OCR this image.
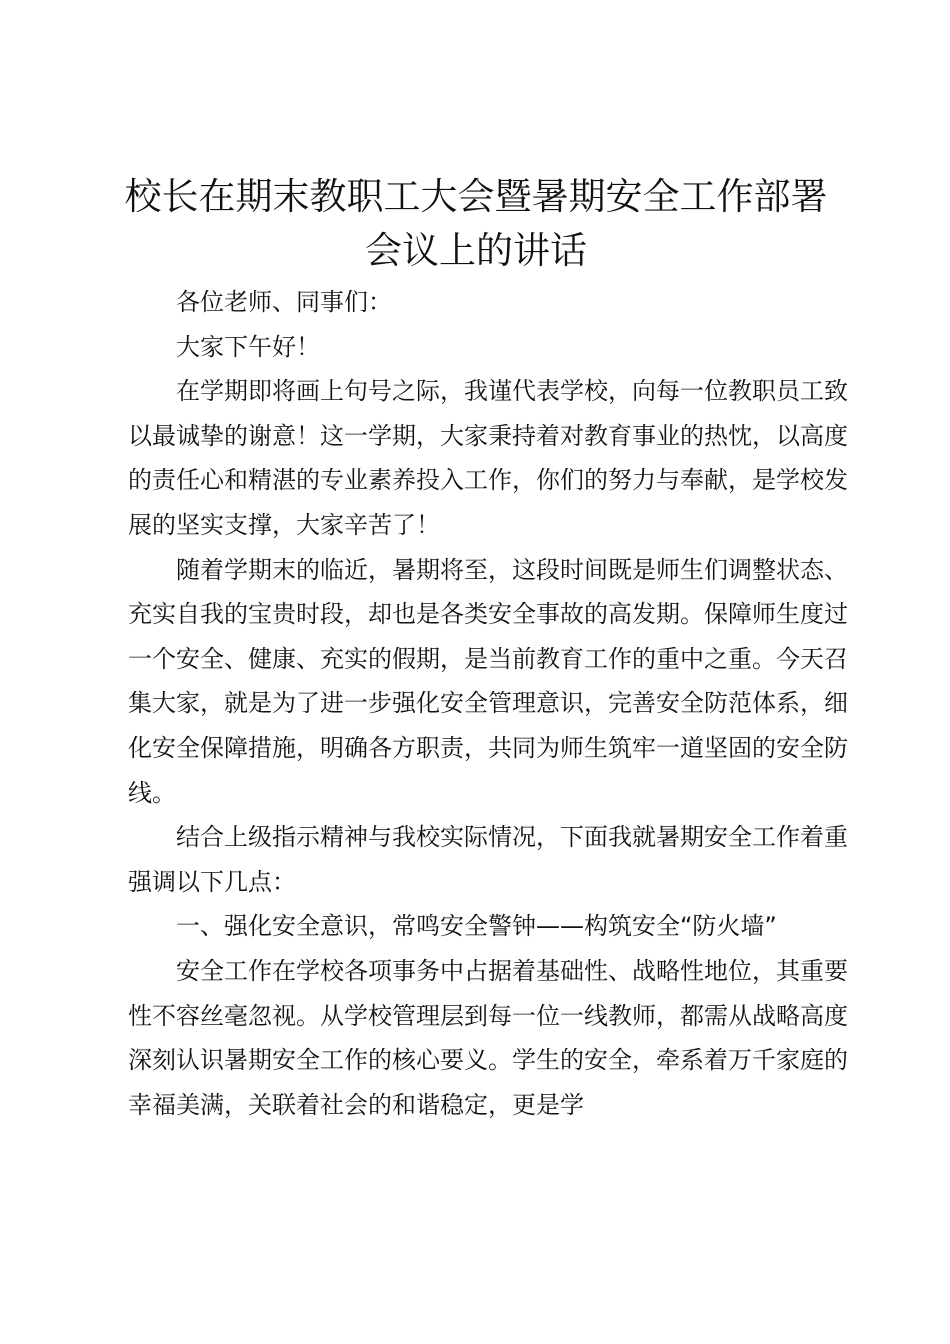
校长在期末教职工大会暨暑期安全工作部署会议上的讲话

各位老师、同事们：

大家下午好！

在学期即将画上句号之际，我谨代表学校，向每一位教职员工致以最诚挚的谢意！这一学期，大家秉持着对教育事业的热忱，以高度的责任心和精湛的专业素养投入工作，你们的努力与奉献，是学校发展的坚实支撑，大家辛苦了！

随着学期末的临近，暑期将至，这段时间既是师生们调整状态、充实自我的宝贵时段，却也是各类安全事故的高发期。保障师生度过一个安全、健康、充实的假期，是当前教育工作的重中之重。今天召集大家，就是为了进一步强化安全管理意识，完善安全防范体系，细化安全保障措施，明确各方职责，共同为师生筑牢一道坚固的安全防线。

结合上级指示精神与我校实际情况，下面我就暑期安全工作着重强调以下几点：

一、强化安全意识，常鸣安全警钟——构筑安全“防火墙”

安全工作在学校各项事务中占据着基础性、战略性地位，其重要性不容丝毫忽视。从学校管理层到每一位一线教师，都需从战略高度深刻认识暑期安全工作的核心要义。学生的安全，牵系着万千家庭的幸福美满，关联着社会的和谐稳定，更是学
